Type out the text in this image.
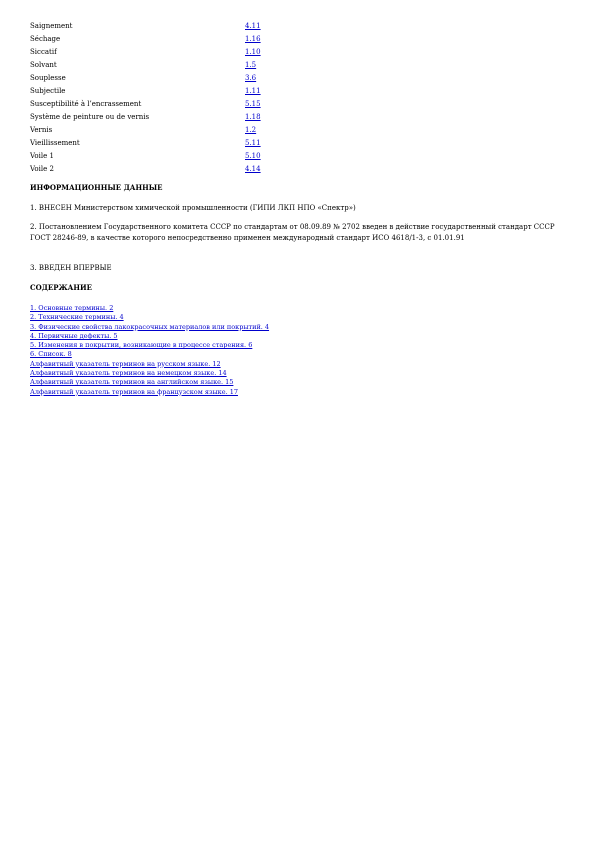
Saignement	4.11
Séchage	1.16
Siccatif	1.10
Solvant	1.5
Souplesse	3.6
Subjectile	1.11
Susceptibilité à l’encrassement	5.15
Système de peinture ou de vernis	1.18
Vernis	1.2
Vieillissement	5.11
Voile 1	5.10
Voile 2	4.14
ИНФОРМАЦИОННЫЕ ДАННЫЕ
1. ВНЕСЕН Министерством химической промышленности (ГИПИ ЛКП НПО «Спектр»)
2. Постановлением Государственного комитета СССР по стандартам от 08.09.89 № 2702 введен в действие государственный стандарт СССР ГОСТ 28246-89, в качестве которого непосредственно применен международный стандарт ИСО 4618/1-3, с 01.01.91
3. ВВЕДЕН ВПЕРВЫЕ
СОДЕРЖАНИЕ
1. Основные термины. 2
2. Технические термины. 4
3. Физические свойства лакокрасочных материалов или покрытий. 4
4. Первичные дефекты. 5
5. Изменения в покрытии, возникающие в процессе старения. 6
6. Список. 8
Алфавитный указатель терминов на русском языке. 12
Алфавитный указатель терминов на немецком языке. 14
Алфавитный указатель терминов на английском языке. 15
Алфавитный указатель терминов на французском языке. 17
